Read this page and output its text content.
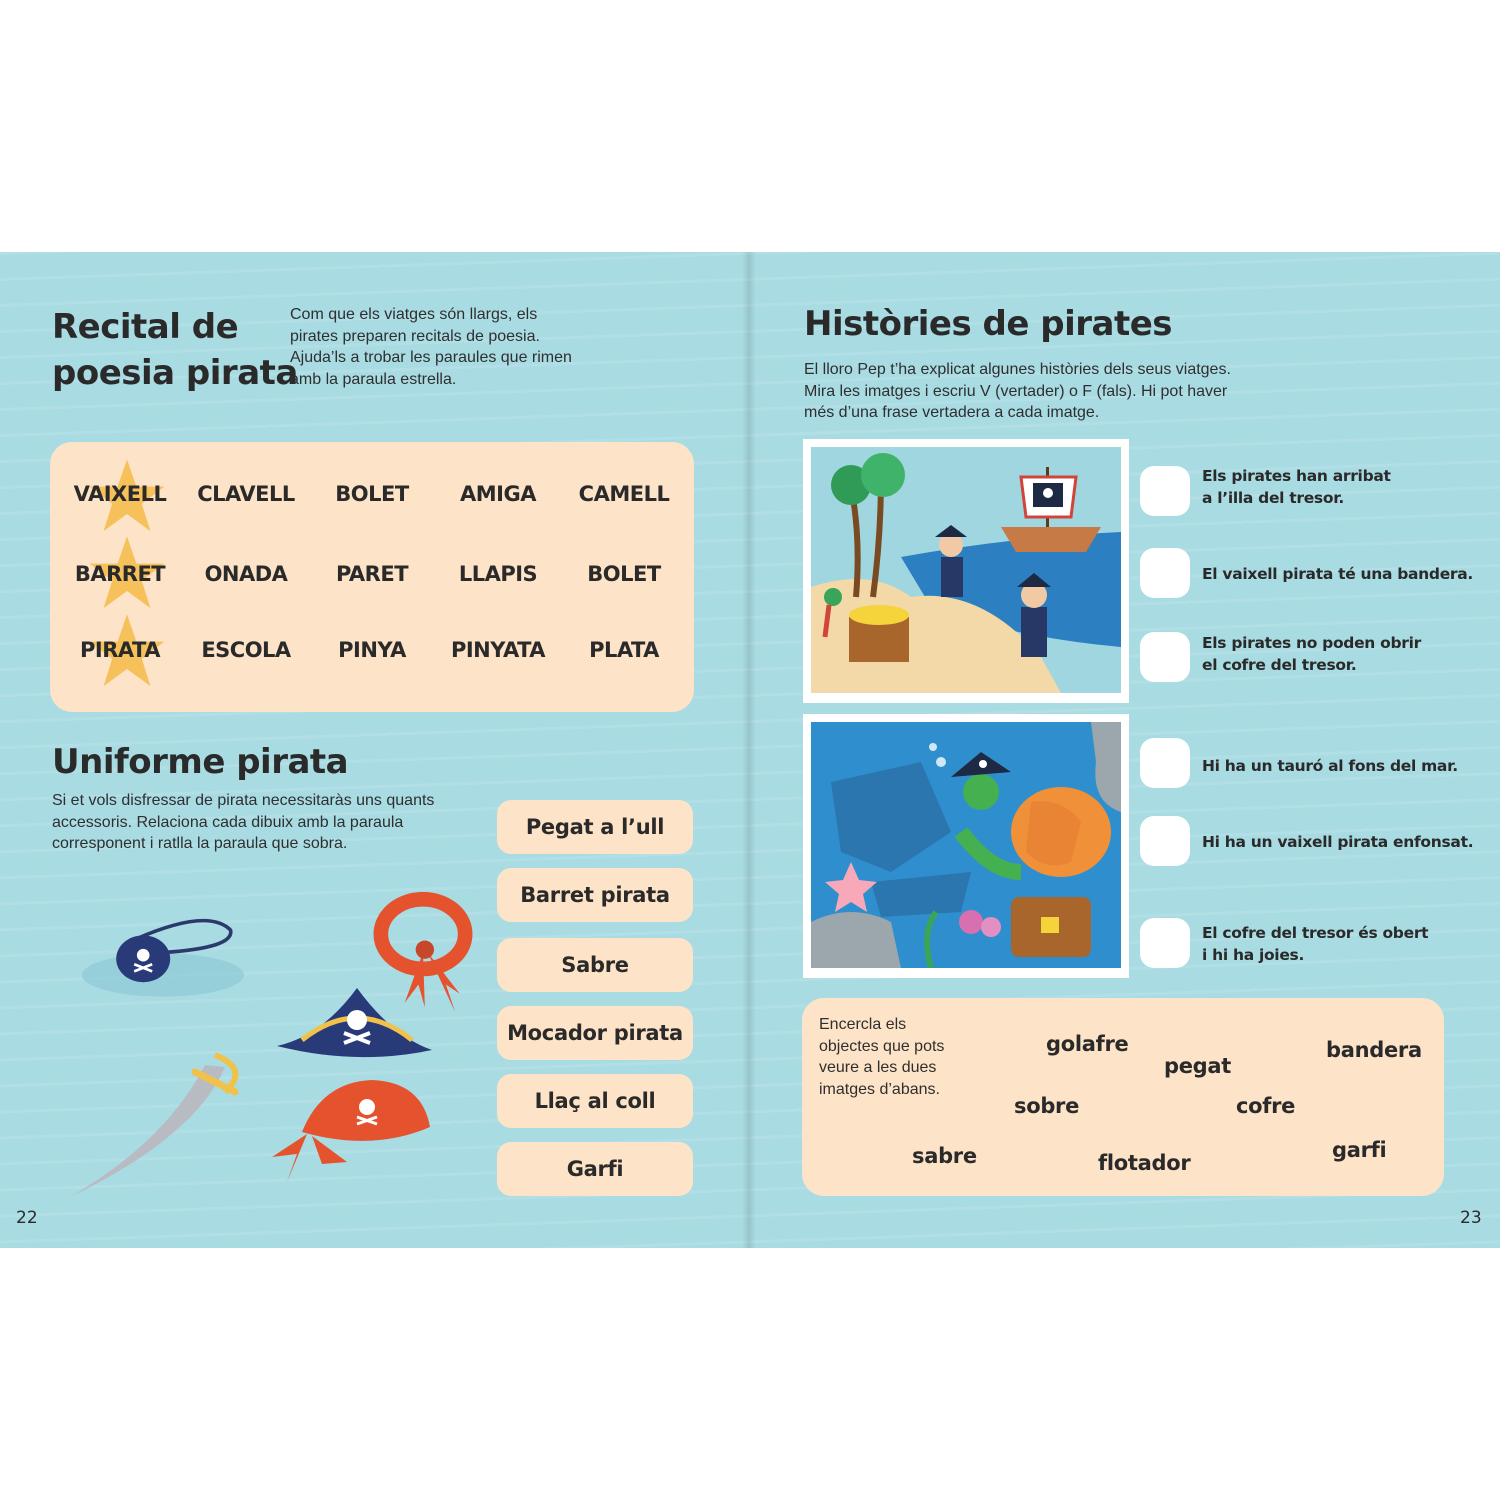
Recital de
poesia pirata
Com que els viatges són llargs, els
pirates preparen recitals de poesia.
Ajuda’ls a trobar les paraules que rimen
amb la paraula estrella.
VAIXELL	CLAVELL	BOLET	AMIGA	CAMELL
BARRET	ONADA	PARET	LLAPIS	BOLET
PIRATA	ESCOLA	PINYA	PINYATA	PLATA
Uniforme pirata
Si et vols disfressar de pirata necessitaràs uns quants
accessoris. Relaciona cada dibuix amb la paraula
corresponent i ratlla la paraula que sobra.
Pegat a l’ull
Barret pirata
Sabre
Mocador pirata
Llaç al coll
Garfi
22
Històries de pirates
El lloro Pep t’ha explicat algunes històries dels seus viatges.
Mira les imatges i escriu V (vertader) o F (fals). Hi pot haver
més d’una frase vertadera a cada imatge.
Els pirates han arribat
a l’illa del tresor.
El vaixell pirata té una bandera.
Els pirates no poden obrir
el cofre del tresor.
Hi ha un tauró al fons del mar.
Hi ha un vaixell pirata enfonsat.
El cofre del tresor és obert
i hi ha joies.
Encercla els
objectes que pots
veure a les dues
imatges d’abans.
golafre
pegat
bandera
sobre	cofre
sabre	flotador
garfi
23
